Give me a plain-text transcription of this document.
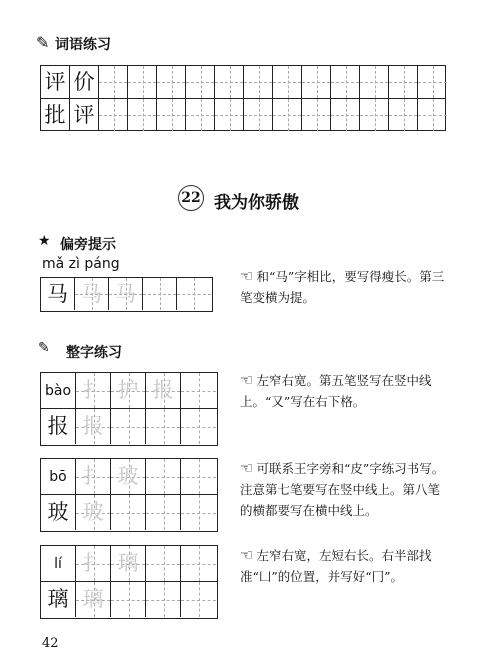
✎ 词语练习
评 价
批 评
22 我为你骄傲
★ 偏旁提示
mǎ zì páng
马 马 马
☜ 和“马”字相比，要写得瘦长。第三笔变横为提。
✎ 整字练习
bào 扌 护 报
报 报
☜ 左窄右宽。第五笔竖写在竖中线上。“又”写在右下格。
bō 扌 玻
玻 玻
☜ 可联系王字旁和“皮”字练习书写。注意第七笔要写在竖中线上。第八笔的横都要写在横中线上。
lí 扌 璃
璃 璃
☜ 左窄右宽，左短右长。右半部找准“凵”的位置，并写好“冂”。
42
